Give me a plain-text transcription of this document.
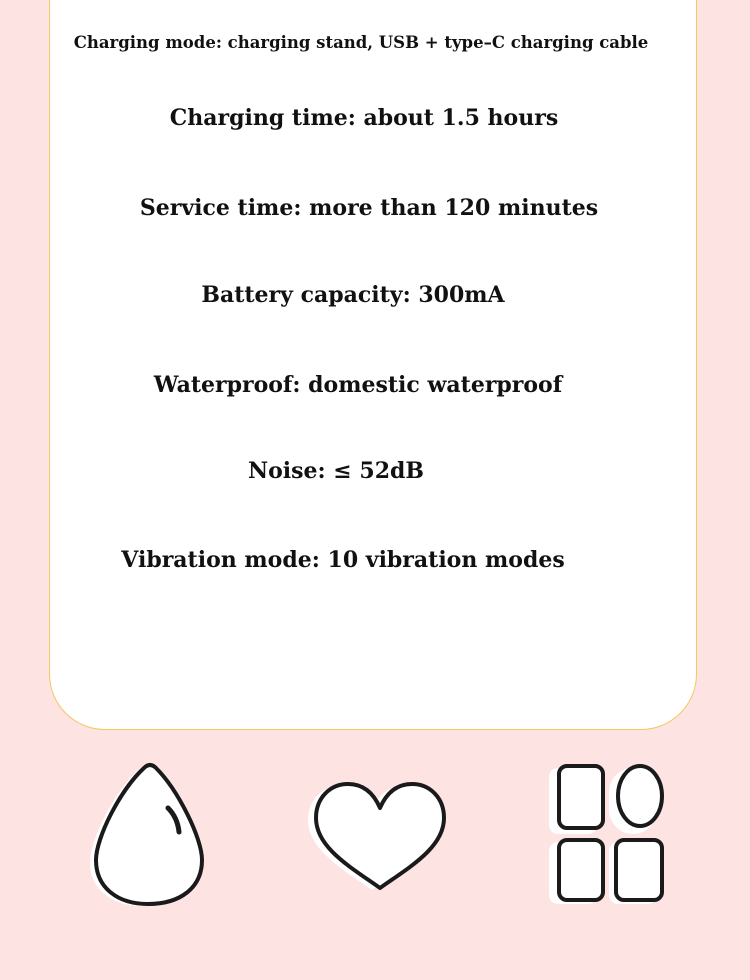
Charging mode: charging stand, USB + type–C charging cable

Charging time: about 1.5 hours

Service time: more than 120 minutes

Battery capacity: 300mA

Waterproof: domestic waterproof

Noise: ≤ 52dB

Vibration mode: 10 vibration modes
